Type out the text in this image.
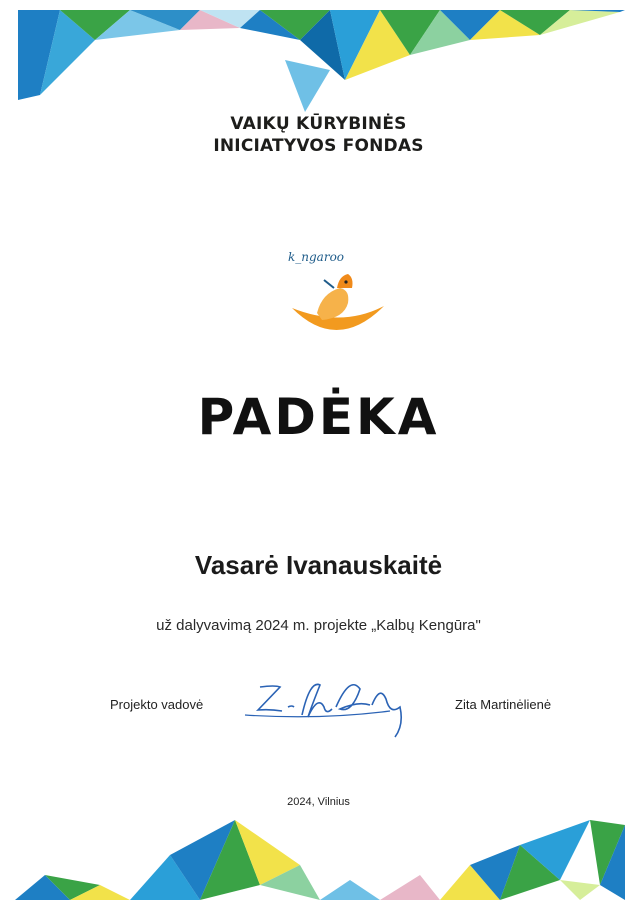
VAIKŲ KŪRYBINĖS
INICIATYVOS FONDAS
k_ngaroo
PADĖKA
Vasarė Ivanauskaitė
už dalyvavimą 2024 m. projekte „Kalbų Kengūra"
Projekto vadovė	Zita Martinėlienė
2024, Vilnius
